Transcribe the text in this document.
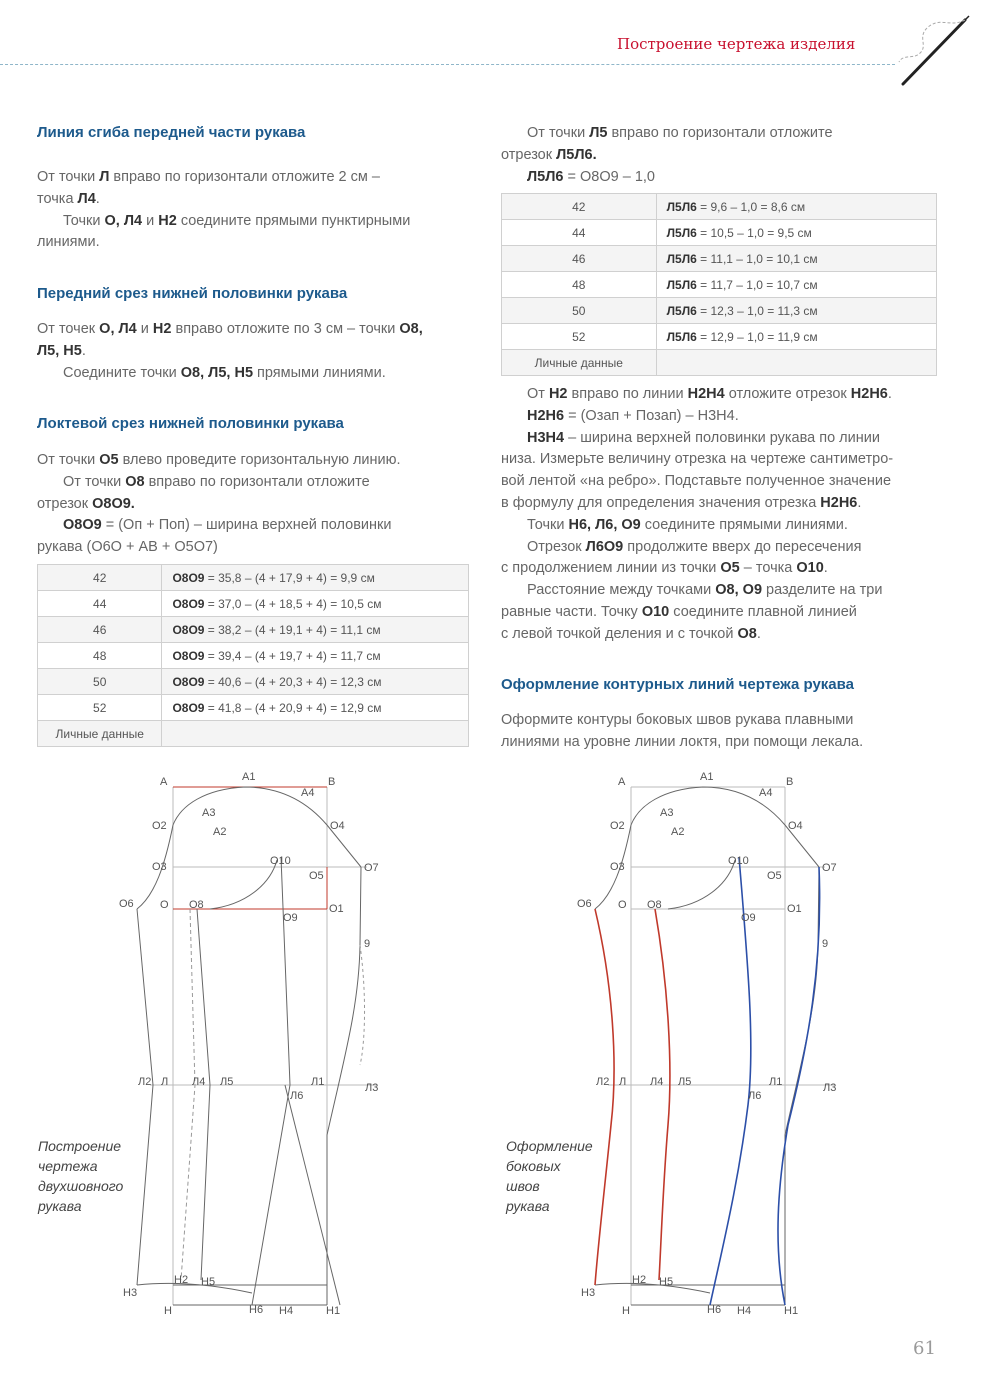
Построение чертежа изделия
Линия сгиба передней части рукава
От точки Л вправо по горизонтали отложите 2 см –
точка Л4.
Точки О, Л4 и Н2 соедините прямыми пунктирными
линиями.
Передний срез нижней половинки рукава
От точек О, Л4 и Н2 вправо отложите по 3 см – точки О8,
Л5, Н5.
Соедините точки О8, Л5, Н5 прямыми линиями.
Локтевой срез нижней половинки рукава
От точки О5 влево проведите горизонтальную линию.
От точки О8 вправо по горизонтали отложите
отрезок О8О9.
О8О9 = (Оп + Поп) – ширина верхней половинки
рукава (О6О + АВ + О5О7)
42	О8О9 = 35,8 – (4 + 17,9 + 4) = 9,9 см
44	О8О9 = 37,0 – (4 + 18,5 + 4) = 10,5 см
46	О8О9 = 38,2 – (4 + 19,1 + 4) = 11,1 см
48	О8О9 = 39,4 – (4 + 19,7 + 4) = 11,7 см
50	О8О9 = 40,6 – (4 + 20,3 + 4) = 12,3 см
52	О8О9 = 41,8 – (4 + 20,9 + 4) = 12,9 см
Личные данные	
Построение
чертежа
двухшовного
рукава
От точки Л5 вправо по горизонтали отложите
отрезок Л5Л6.
Л5Л6 = О8О9 – 1,0
42	Л5Л6 = 9,6 – 1,0 = 8,6 см
44	Л5Л6 = 10,5 – 1,0 = 9,5 см
46	Л5Л6 = 11,1 – 1,0 = 10,1 см
48	Л5Л6 = 11,7 – 1,0 = 10,7 см
50	Л5Л6 = 12,3 – 1,0 = 11,3 см
52	Л5Л6 = 12,9 – 1,0 = 11,9 см
Личные данные	
От Н2 вправо по линии Н2Н4 отложите отрезок Н2Н6.
Н2Н6 = (Озап + Позап) – Н3Н4.
Н3Н4 – ширина верхней половинки рукава по линии
низа. Измерьте величину отрезка на чертеже сантиметро-
вой лентой «на ребро». Подставьте полученное значение
в формулу для определения значения отрезка Н2Н6.
Точки Н6, Л6, О9 соедините прямыми линиями.
Отрезок Л6О9 продолжите вверх до пересечения
с продолжением линии из точки О5 – точка О10.
Расстояние между точками О8, О9 разделите на три
равные части. Точку О10 соедините плавной линией
с левой точкой деления и с точкой О8.
Оформление контурных линий чертежа рукава
Оформите контуры боковых швов рукава плавными
линиями на уровне линии локтя, при помощи лекала.
Оформление
боковых
швов
рукава
61
А	А1	В
А4
А3
А2
О2	О4
О3	О10
О5
О7
О6 О О8	О1
О9
9
Л2 Л Л4 Л5	Л1	Л3
Л6
Н3
Н2 Н5
Н	Н6 Н4	Н1
А	А1	В
А4
А3
А2
О2	О4
О3	О10
О5
О7
О6 О О8	О1
О9
9
Л2 Л Л4 Л5	Л1	Л3
Л6
Н3
Н2 Н5
Н	Н6 Н4	Н1
